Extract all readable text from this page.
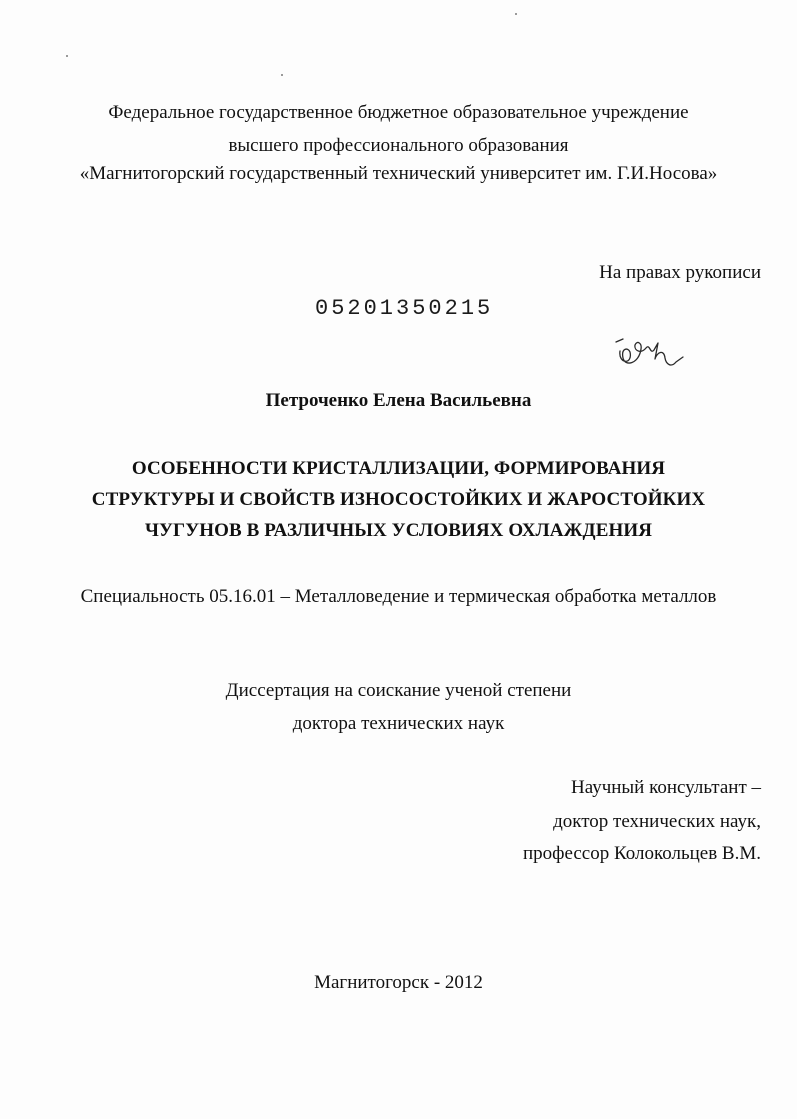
Федеральное государственное бюджетное образовательное учреждение
высшего профессионального образования
«Магнитогорский государственный технический университет им. Г.И.Носова»
На правах рукописи
05201350215
Петроченко Елена Васильевна
ОСОБЕННОСТИ КРИСТАЛЛИЗАЦИИ, ФОРМИРОВАНИЯ
СТРУКТУРЫ И СВОЙСТВ ИЗНОСОСТОЙКИХ И ЖАРОСТОЙКИХ
ЧУГУНОВ В РАЗЛИЧНЫХ УСЛОВИЯХ ОХЛАЖДЕНИЯ
Специальность 05.16.01 – Металловедение и термическая обработка металлов
Диссертация на соискание ученой степени
доктора технических наук
Научный консультант –
доктор технических наук,
профессор Колокольцев В.М.
Магнитогорск - 2012
